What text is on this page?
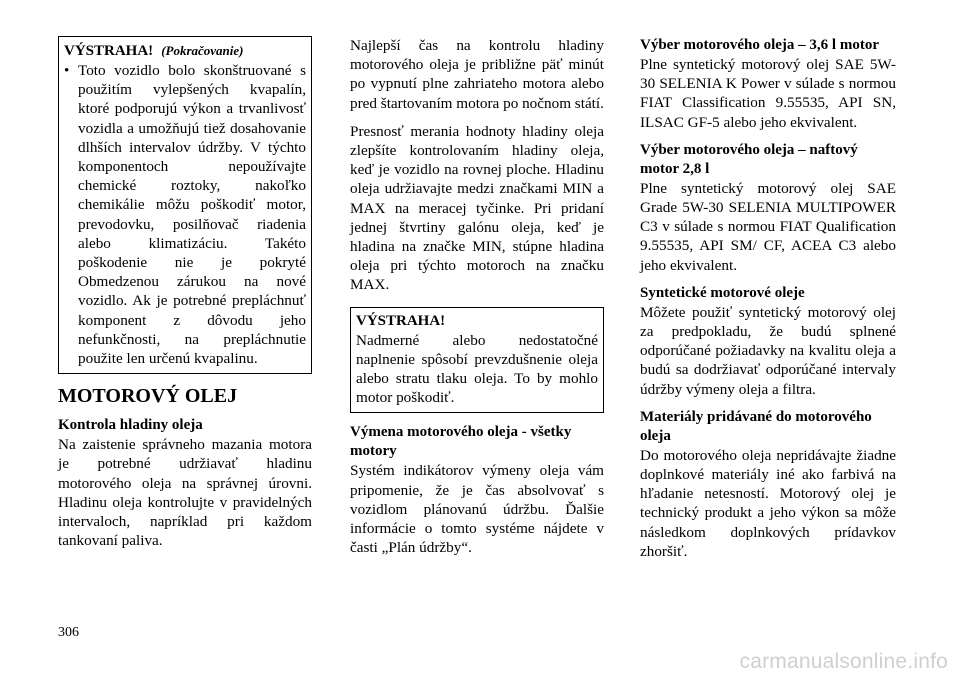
VÝSTRAHA! (Pokračovanie)
• Toto vozidlo bolo skonštruované s použitím vylepšených kvapalín, ktoré podporujú výkon a trvanlivosť vozidla a umožňujú tiež dosahovanie dlhších intervalov údržby. V týchto komponentoch nepoužívajte chemické roztoky, nakoľko chemikálie môžu poškodiť motor, prevodovku, posilňovač riadenia alebo klimatizáciu. Takéto poškodenie nie je pokryté Obmedzenou zárukou na nové vozidlo. Ak je potrebné prepláchnuť komponent z dôvodu jeho nefunkčnosti, na prepláchnutie použite len určenú kvapalinu.
MOTOROVÝ OLEJ
Kontrola hladiny oleja

Na zaistenie správneho mazania motora je potrebné udržiavať hladinu motorového oleja na správnej úrovni. Hladinu oleja kontrolujte v pravidelných intervaloch, napríklad pri každom tankovaní paliva.

Najlepší čas na kontrolu hladiny motorového oleja je približne päť minút po vypnutí plne zahriateho motora alebo pred štartovaním motora po nočnom státí.

Presnosť merania hodnoty hladiny oleja zlepšíte kontrolovaním hladiny oleja, keď je vozidlo na rovnej ploche. Hladinu oleja udržiavajte medzi značkami MIN a MAX na meracej tyčinke. Pri pridaní jednej štvrtiny galónu oleja, keď je hladina na značke MIN, stúpne hladina oleja pri týchto motoroch na značku MAX.

VÝSTRAHA!

Nadmerné alebo nedostatočné naplnenie spôsobí prevzdušnenie oleja alebo stratu tlaku oleja. To by mohlo motor poškodiť.

Výmena motorového oleja - všetky motory

Systém indikátorov výmeny oleja vám pripomenie, že je čas absolvovať s vozidlom plánovanú údržbu. Ďalšie informácie o tomto systéme nájdete v časti „Plán údržby“.

Výber motorového oleja – 3,6 l motor

Plne syntetický motorový olej SAE 5W-30 SELENIA K Power v súlade s normou FIAT Classification 9.55535, API SN, ILSAC GF-5 alebo jeho ekvivalent.

Výber motorového oleja – naftový motor 2,8 l

Plne syntetický motorový olej SAE Grade 5W-30 SELENIA MULTIPOWER C3 v súlade s normou FIAT Qualification 9.55535, API SM/ CF, ACEA C3 alebo jeho ekvivalent.

Syntetické motorové oleje

Môžete použiť syntetický motorový olej za predpokladu, že budú splnené odporúčané požiadavky na kvalitu oleja a budú sa dodržiavať odporúčané intervaly údržby výmeny oleja a filtra.

Materiály pridávané do motorového oleja

Do motorového oleja nepridávajte žiadne doplnkové materiály iné ako farbivá na hľadanie netesností. Motorový olej je technický produkt a jeho výkon sa môže následkom doplnkových prídavkov zhoršiť.

306
carmanualsonline.info
